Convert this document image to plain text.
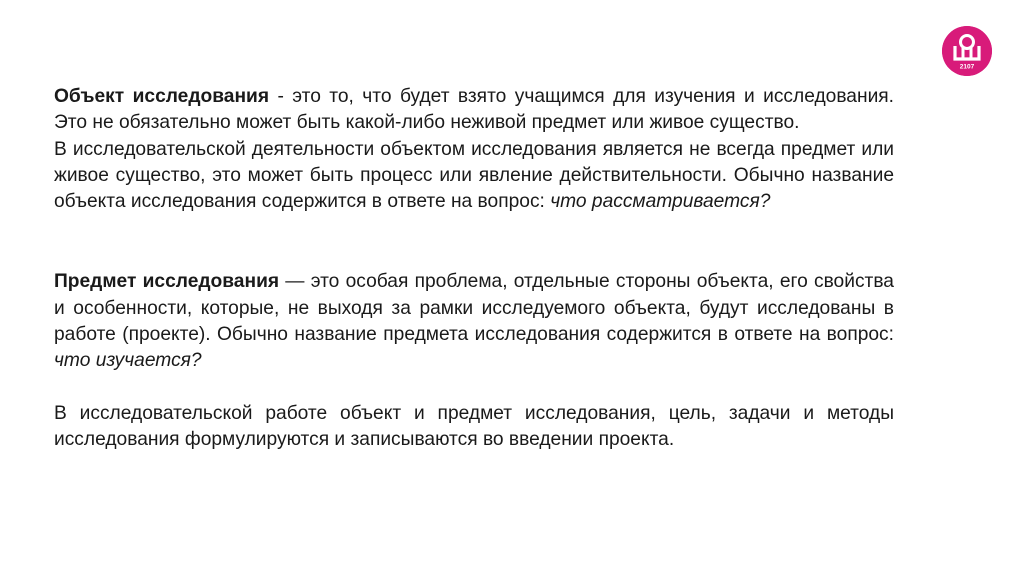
2107

Объект исследования - это то, что будет взято учащимся для изучения и исследования. Это не обязательно может быть какой-либо неживой предмет или живое существо.

В исследовательской деятельности объектом исследования является не всегда предмет или живое существо, это может быть процесс или явление действительности. Обычно название объекта исследования содержится в ответе на вопрос: что рассматривается?

Предмет исследования — это особая проблема, отдельные стороны объекта, его свойства и особенности, которые, не выходя за рамки исследуемого объекта, будут исследованы в работе (проекте). Обычно название предмета исследования содержится в ответе на вопрос: что изучается?

В исследовательской работе объект и предмет исследования, цель, задачи и методы исследования формулируются и записываются во введении проекта.
